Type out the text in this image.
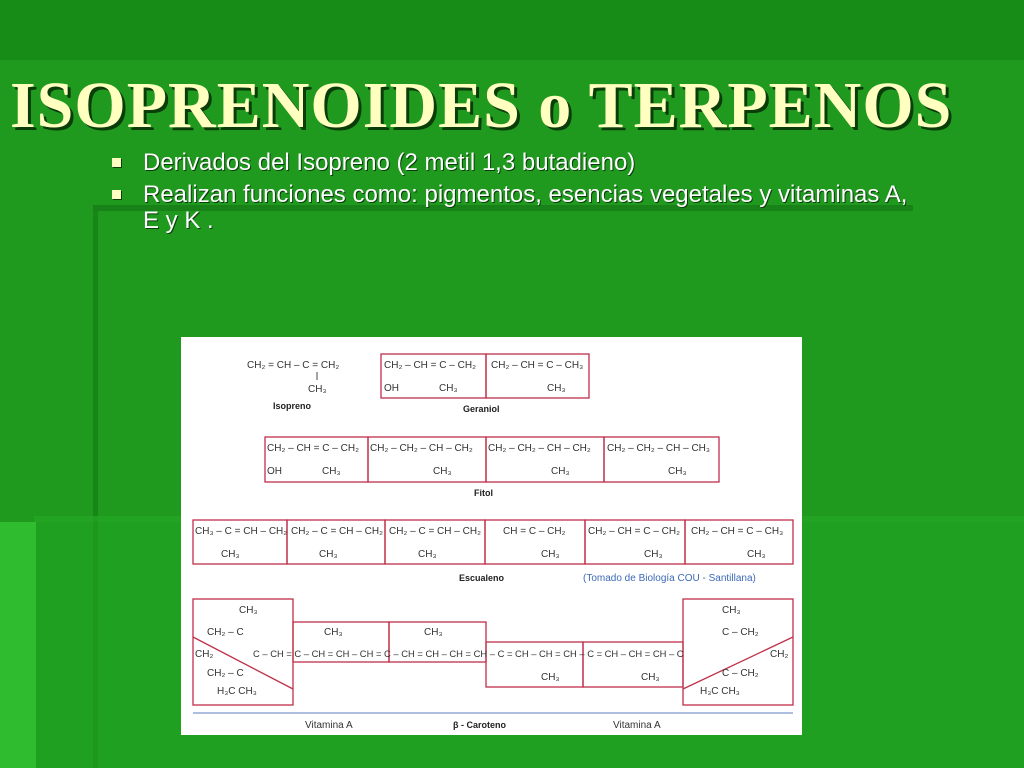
ISOPRENOIDES o TERPENOS
Derivados del Isopreno (2 metil 1,3 butadieno)
Realizan funciones como: pigmentos, esencias vegetales y vitaminas A, E y K .
CH₂ = CH – C = CH₂
CH₃
Isopreno
CH₂ – CH = C – CH₂ CH₂ – CH = C – CH₃
OH	CH₃	CH₃
Geraniol
CH₂ – CH = C – CH₂ CH₂ – CH₂ – CH – CH₂ CH₂ – CH₂ – CH – CH₂ CH₂ – CH₂ – CH – CH₃
OH	CH₃	CH₃	CH₃	CH₃
Fitol
CH₃ – C = CH – CH₂ CH₂ – C = CH – CH₂ CH₂ – C = CH – CH₂ CH = C – CH₂ CH₂ – CH = C – CH₂ CH₂ – CH = C – CH₃
CH₃	CH₃	CH₃	CH₃	CH₃	CH₃
Escualeno	(Tomado de Biología COU - Santillana)
CH₃
CH₂ – C
CH₂
CH₂ – C
H₃C CH₃
C – CH = C – CH = CH – CH = C – CH = CH – CH = CH – C = CH – CH = CH – C = CH – CH = CH – C
CH₃	CH₃
CH₃	CH₃
CH₃
C – CH₂
CH₂
C – CH₂
H₃C CH₃
Vitamina A	β - Caroteno	Vitamina A
